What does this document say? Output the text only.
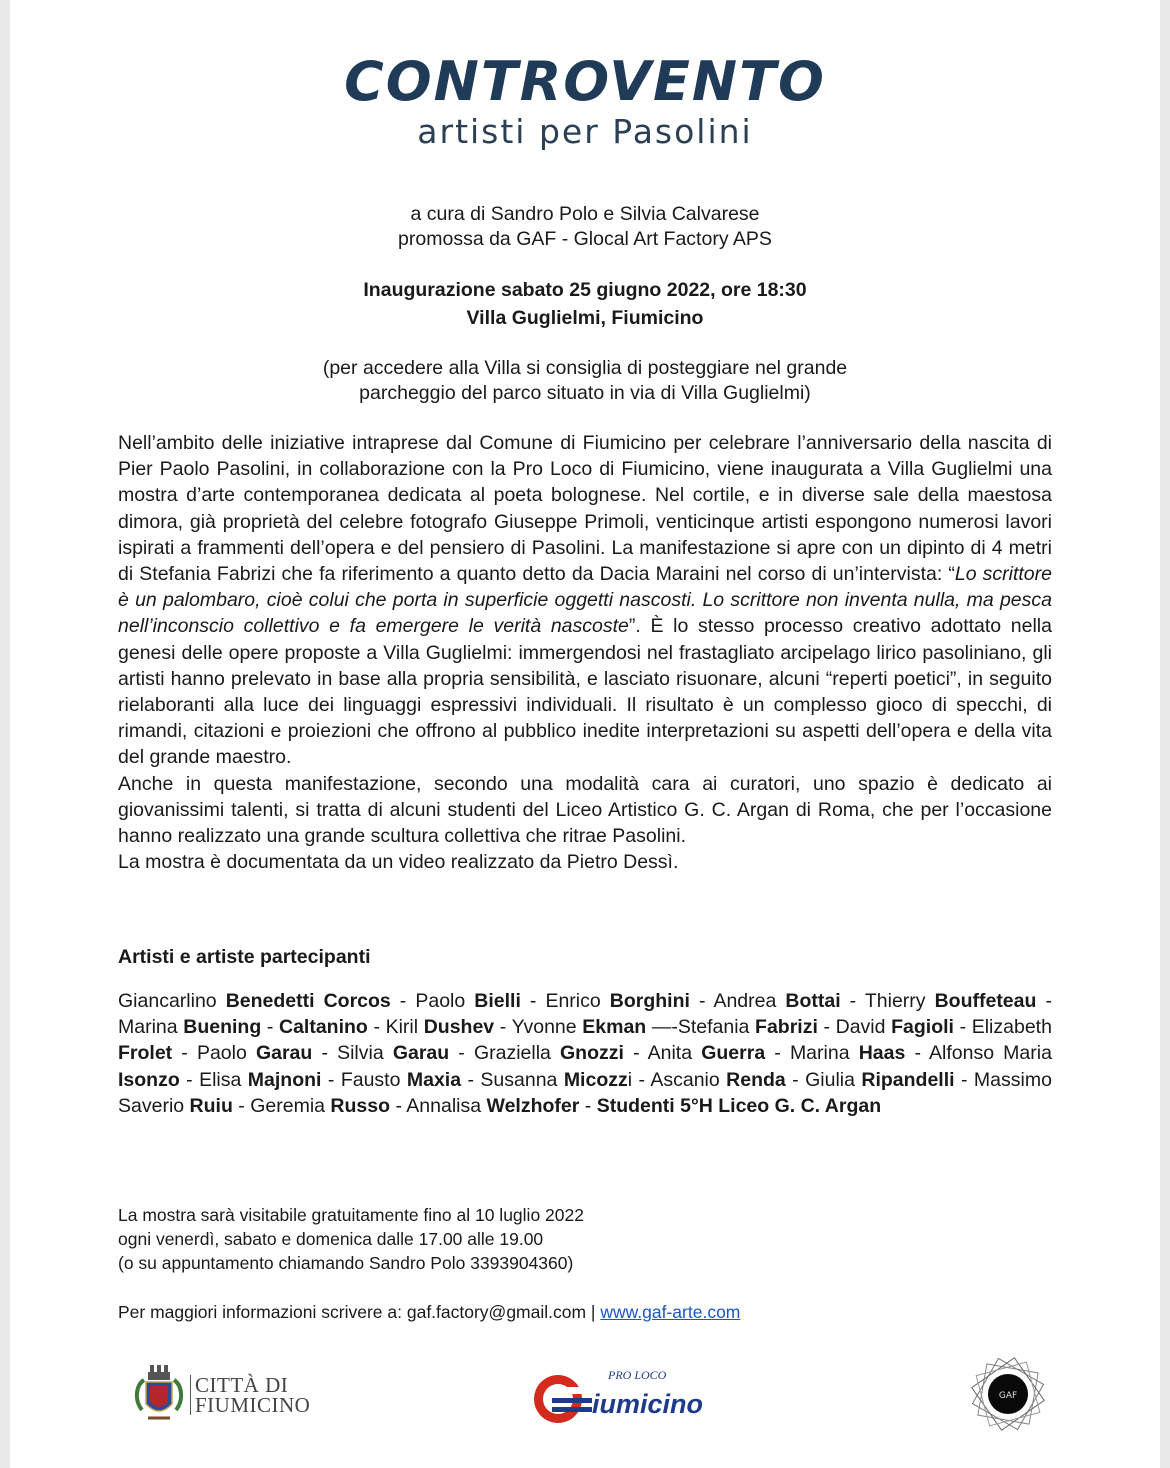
CONTROVENTO
artisti per Pasolini
a cura di Sandro Polo e Silvia Calvarese
promossa da GAF - Glocal Art Factory APS
Inaugurazione sabato 25 giugno 2022, ore 18:30
Villa Guglielmi, Fiumicino
(per accedere alla Villa si consiglia di posteggiare nel grande
parcheggio del parco situato in via di Villa Guglielmi)

Nell’ambito delle iniziative intraprese dal Comune di Fiumicino per celebrare l’anniversario della nascita di Pier Paolo Pasolini, in collaborazione con la Pro Loco di Fiumicino, viene inaugurata a Villa Guglielmi una mostra d’arte contemporanea dedicata al poeta bolognese. Nel cortile, e in diverse sale della maestosa dimora, già proprietà del celebre fotografo Giuseppe Primoli, venticinque artisti espongono numerosi lavori ispirati a frammenti dell’opera e del pensiero di Pasolini. La manifestazione si apre con un dipinto di 4 metri di Stefania Fabrizi che fa riferimento a quanto detto da Dacia Maraini nel corso di un’intervista: “Lo scrittore è un palombaro, cioè colui che porta in superficie oggetti nascosti. Lo scrittore non inventa nulla, ma pesca nell’inconscio collettivo e fa emergere le verità nascoste”. È lo stesso processo creativo adottato nella genesi delle opere proposte a Villa Guglielmi: immergendosi nel frastagliato arcipelago lirico pasoliniano, gli artisti hanno prelevato in base alla propria sensibilità, e lasciato risuonare, alcuni “reperti poetici”, in seguito rielaboranti alla luce dei linguaggi espressivi individuali. Il risultato è un complesso gioco di specchi, di rimandi, citazioni e proiezioni che offrono al pubblico inedite interpretazioni su aspetti dell’opera e della vita del grande maestro.

Anche in questa manifestazione, secondo una modalità cara ai curatori, uno spazio è dedicato ai giovanissimi talenti, si tratta di alcuni studenti del Liceo Artistico G. C. Argan di Roma, che per l’occasione hanno realizzato una grande scultura collettiva che ritrae Pasolini.

La mostra è documentata da un video realizzato da Pietro Dessì.

Artisti e artiste partecipanti
Giancarlino Benedetti Corcos - Paolo Bielli - Enrico Borghini - Andrea Bottai - Thierry Bouffeteau - Marina Buening - Caltanino - Kiril Dushev - Yvonne Ekman —-Stefania Fabrizi - David Fagioli - Elizabeth Frolet - Paolo Garau - Silvia Garau - Graziella Gnozzi - Anita Guerra - Marina Haas - Alfonso Maria Isonzo - Elisa Majnoni - Fausto Maxia - Susanna Micozzi - Ascanio Renda - Giulia Ripandelli - Massimo Saverio Ruiu - Geremia Russo - Annalisa Welzhofer - Studenti 5°H Liceo G. C. Argan
La mostra sarà visitabile gratuitamente fino al 10 luglio 2022
ogni venerdì, sabato e domenica dalle 17.00 alle 19.00
(o su appuntamento chiamando Sandro Polo 3393904360)
Per maggiori informazioni scrivere a: gaf.factory@gmail.com | www.gaf-arte.com
CITTÀ DI
FIUMICINO
PRO LOCO
iumicino	GAF
